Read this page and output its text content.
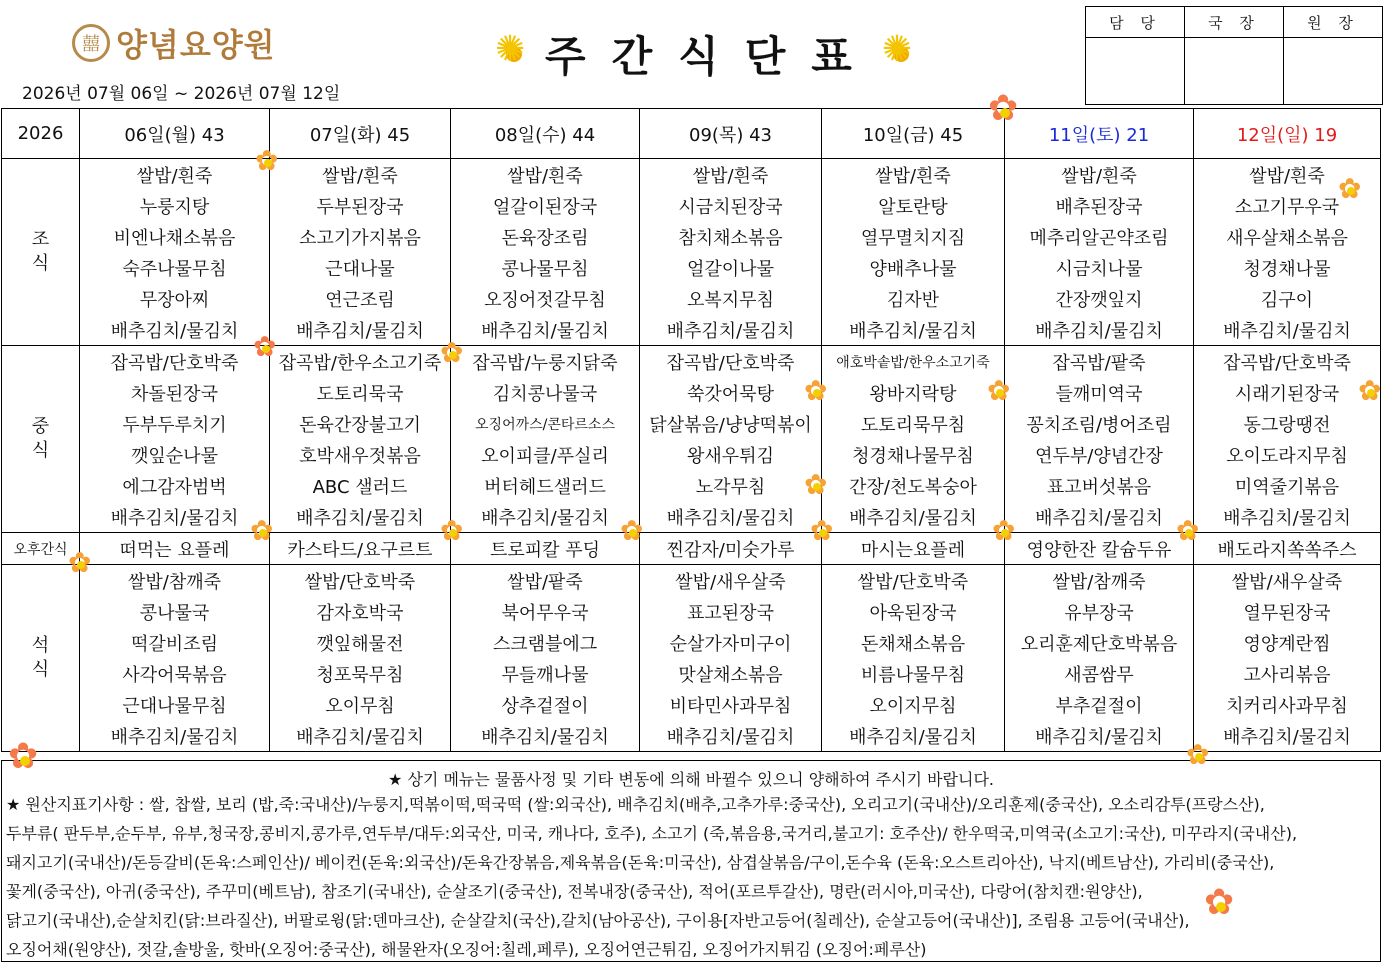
囍 양념요양원 ✺	주간식단표
✺
2026년 07월 06일 ~ 2026년 07월 12일
담 당	국 장	원 장

2026	06일(월) 43	07일(화) 45	08일(수) 44	09(목) 43	10일(금) 45	11일(토) 21	12일(일) 19
조
식	쌀밥/흰죽	쌀밥/흰죽	쌀밥/흰죽	쌀밥/흰죽	쌀밥/흰죽	쌀밥/흰죽	쌀밥/흰죽
	누룽지탕	두부된장국	얼갈이된장국	시금치된장국	알토란탕	배추된장국	소고기무우국
	비엔나채소볶음	소고기가지볶음	돈육장조림	참치채소볶음	열무멸치지짐	메추리알곤약조림	새우살채소볶음
	숙주나물무침	근대나물	콩나물무침	얼갈이나물	양배추나물	시금치나물	청경채나물
	무장아찌	연근조림	오징어젓갈무침	오복지무침	김자반	간장깻잎지	김구이
	배추김치/물김치	배추김치/물김치	배추김치/물김치	배추김치/물김치	배추김치/물김치	배추김치/물김치	배추김치/물김치
중
식	잡곡밥/단호박죽	잡곡밥/한우소고기죽	잡곡밥/누룽지닭죽	잡곡밥/단호박죽	애호박솥밥/한우소고기죽	잡곡밥/팥죽	잡곡밥/단호박죽
	차돌된장국	도토리묵국	김치콩나물국	쑥갓어묵탕	왕바지락탕	들깨미역국	시래기된장국
	두부두루치기	돈육간장불고기	오징어까스/콘타르소스	닭살볶음/냥냥떡볶이	도토리묵무침	꽁치조림/병어조림	동그랑땡전
	깻잎순나물	호박새우젓볶음	오이피클/푸실리	왕새우튀김	청경채나물무침	연두부/양념간장	오이도라지무침
	에그감자범벅	ABC 샐러드	버터헤드샐러드	노각무침	간장/천도복숭아	표고버섯볶음	미역줄기볶음
	배추김치/물김치	배추김치/물김치	배추김치/물김치	배추김치/물김치	배추김치/물김치	배추김치/물김치	배추김치/물김치
오후간식	떠먹는 요플레	카스타드/요구르트	트로피칼 푸딩	찐감자/미숫가루	마시는요플레	영양한잔 칼슘두유	배도라지쏙쏙주스
석
식	쌀밥/참깨죽	쌀밥/단호박죽	쌀밥/팥죽	쌀밥/새우살죽	쌀밥/단호박죽	쌀밥/참깨죽	쌀밥/새우살죽
	콩나물국	감자호박국	북어무우국	표고된장국	아욱된장국	유부장국	열무된장국
	떡갈비조림	깻잎해물전	스크램블에그	순살가자미구이	돈채채소볶음	오리훈제단호박볶음	영양계란찜
	사각어묵볶음	청포묵무침	무들깨나물	맛살채소볶음	비름나물무침	새콤쌈무	고사리볶음
	근대나물무침	오이무침	상추겉절이	비타민사과무침	오이지무침	부추겉절이	치커리사과무침
	배추김치/물김치	배추김치/물김치	배추김치/물김치	배추김치/물김치	배추김치/물김치	배추김치/물김치	배추김치/물김치
★ 상기 메뉴는 물품사정 및 기타 변동에 의해 바뀔수 있으니 양해하여 주시기 바랍니다.
★ 원산지표기사항 : 쌀, 찹쌀, 보리 (밥,죽:국내산)/누룽지,떡볶이떡,떡국떡 (쌀:외국산), 배추김치(배추,고추가루:중국산), 오리고기(국내산)/오리훈제(중국산), 오소리감투(프랑스산),
두부류( 판두부,순두부, 유부,청국장,콩비지,콩가루,연두부/대두:외국산, 미국, 캐나다, 호주), 소고기 (죽,볶음용,국거리,불고기: 호주산)/ 한우떡국,미역국(소고기:국산), 미꾸라지(국내산),
돼지고기(국내산)/돈등갈비(돈육:스페인산)/ 베이컨(돈육:외국산)/돈육간장볶음,제육볶음(돈육:미국산), 삼겹살볶음/구이,돈수육 (돈육:오스트리아산), 낙지(베트남산), 가리비(중국산),
꽃게(중국산), 아귀(중국산), 주꾸미(베트남), 참조기(국내산), 순살조기(중국산), 전복내장(중국산), 적어(포르투갈산), 명란(러시아,미국산), 다랑어(참치캔:원양산),
닭고기(국내산),순살치킨(닭:브라질산), 버팔로윙(닭:덴마크산), 순살갈치(국산),갈치(남아공산), 구이용[자반고등어(칠레산), 순살고등어(국내산)], 조림용 고등어(국내산),
오징어채(원양산), 젓갈,솔방울, 핫바(오징어:중국산), 해물완자(오징어:칠레,페루), 오징어연근튀김, 오징어가지튀김 (오징어:페루산)
✿
✿
✿
✿
✿
✿
✿
✿
✿
✿
✿
✿
✿
✿
✿
✿
✿
✿
✿
